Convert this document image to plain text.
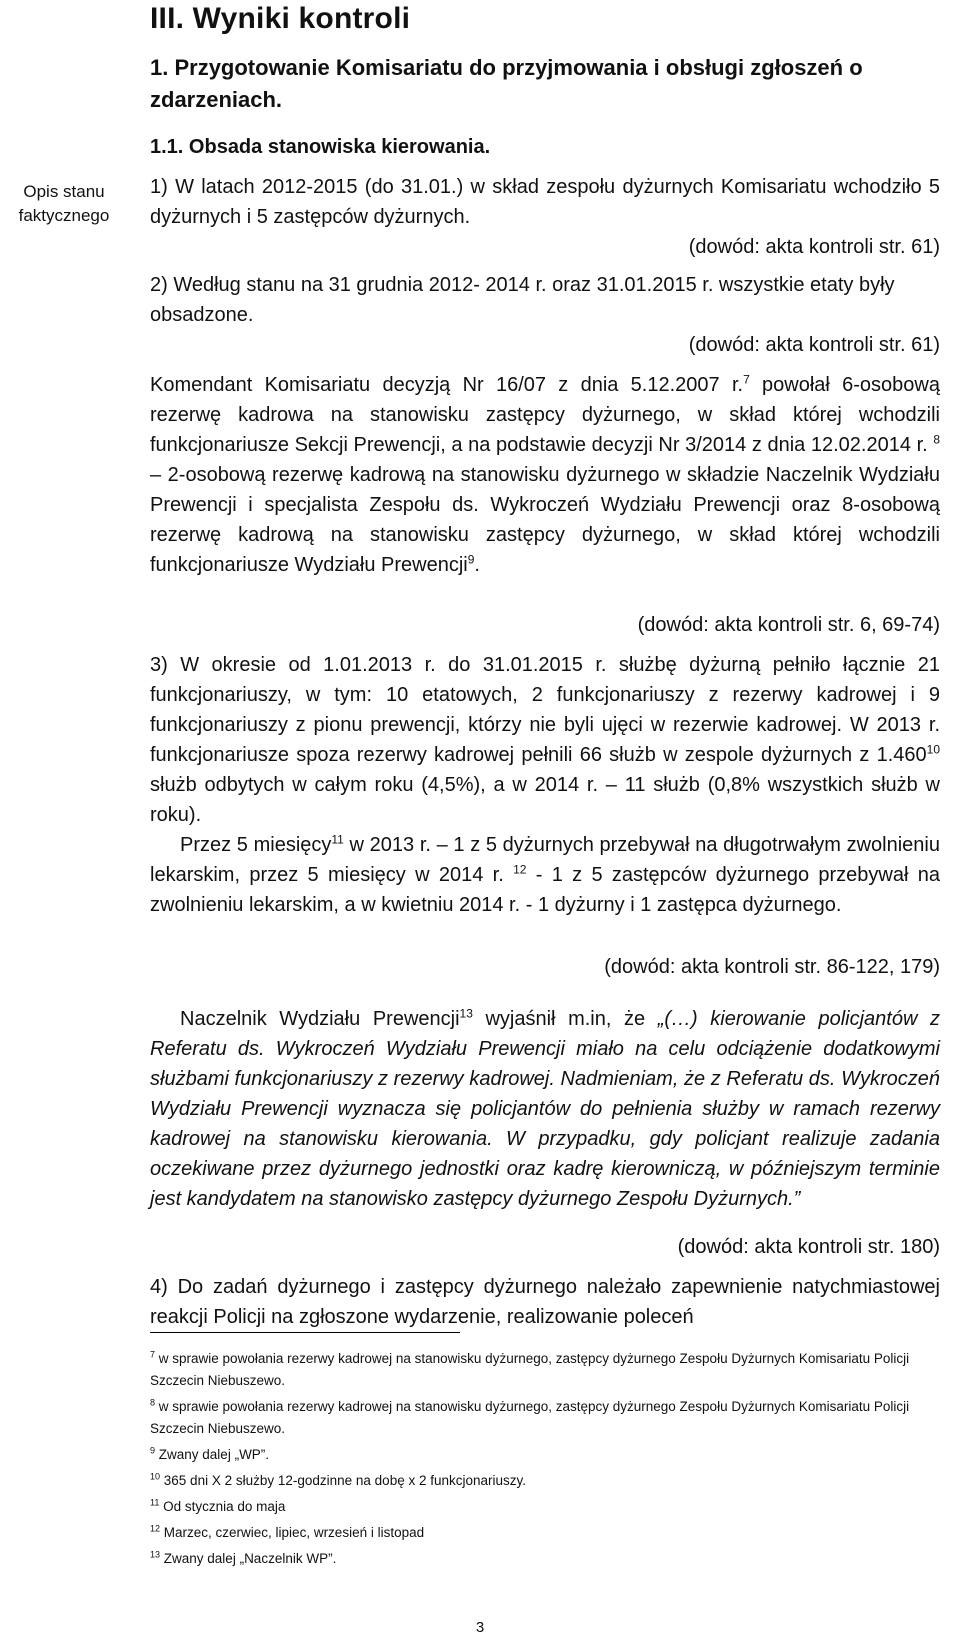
III. Wyniki kontroli
1. Przygotowanie Komisariatu do przyjmowania i obsługi zgłoszeń o zdarzeniach.
1.1. Obsada stanowiska kierowania.
Opis stanu faktycznego
1) W latach 2012-2015 (do 31.01.) w skład zespołu dyżurnych Komisariatu wchodziło 5 dyżurnych i 5 zastępców dyżurnych.
(dowód: akta kontroli str. 61)
2) Według stanu na 31 grudnia 2012- 2014 r. oraz 31.01.2015 r. wszystkie etaty były obsadzone.
(dowód: akta kontroli str. 61)
Komendant Komisariatu decyzją Nr 16/07 z dnia 5.12.2007 r.$^7$ powołał 6-osobową rezerwę kadrowa na stanowisku zastępcy dyżurnego, w skład której wchodzili funkcjonariusze Sekcji Prewencji, a na podstawie decyzji Nr 3/2014 z dnia 12.02.2014 r. $^8$ – 2-osobową rezerwę kadrową na stanowisku dyżurnego w składzie Naczelnik Wydziału Prewencji i specjalista Zespołu ds. Wykroczeń Wydziału Prewencji oraz 8-osobową rezerwę kadrową na stanowisku zastępcy dyżurnego, w skład której wchodzili funkcjonariusze Wydziału Prewencji$^9$.
(dowód: akta kontroli str. 6, 69-74)
3) W okresie od 1.01.2013 r. do 31.01.2015 r. służbę dyżurną pełniło łącznie 21 funkcjonariuszy, w tym: 10 etatowych, 2 funkcjonariuszy z rezerwy kadrowej i 9 funkcjonariuszy z pionu prewencji, którzy nie byli ujęci w rezerwie kadrowej. W 2013 r. funkcjonariusze spoza rezerwy kadrowej pełnili 66 służb w zespole dyżurnych z 1.460$^{10}$ służb odbytych w całym roku (4,5%), a w 2014 r. – 11 służb (0,8% wszystkich służb w roku).
Przez 5 miesięcy$^{11}$ w 2013 r. – 1 z 5 dyżurnych przebywał na długotrwałym zwolnieniu lekarskim, przez 5 miesięcy w 2014 r. $^{12}$ - 1 z 5 zastępców dyżurnego przebywał na zwolnieniu lekarskim, a w kwietniu 2014 r. - 1 dyżurny i 1 zastępca dyżurnego.
(dowód: akta kontroli str. 86-122, 179)
Naczelnik Wydziału Prewencji$^{13}$ wyjaśnił m.in, że „(…) kierowanie policjantów z Referatu ds. Wykroczeń Wydziału Prewencji miało na celu odciążenie dodatkowymi służbami funkcjonariuszy z rezerwy kadrowej. Nadmieniam, że z Referatu ds. Wykroczeń Wydziału Prewencji wyznacza się policjantów do pełnienia służby w ramach rezerwy kadrowej na stanowisku kierowania. W przypadku, gdy policjant realizuje zadania oczekiwane przez dyżurnego jednostki oraz kadrę kierowniczą, w późniejszym terminie jest kandydatem na stanowisko zastępcy dyżurnego Zespołu Dyżurnych.”
(dowód: akta kontroli str. 180)
4) Do zadań dyżurnego i zastępcy dyżurnego należało zapewnienie natychmiastowej reakcji Policji na zgłoszone wydarzenie, realizowanie poleceń
$^7$ w sprawie powołania rezerwy kadrowej na stanowisku dyżurnego, zastępcy dyżurnego Zespołu Dyżurnych Komisariatu Policji Szczecin Niebuszewo.
$^8$ w sprawie powołania rezerwy kadrowej na stanowisku dyżurnego, zastępcy dyżurnego Zespołu Dyżurnych Komisariatu Policji Szczecin Niebuszewo.
$^9$ Zwany dalej „WP”.
$^{10}$ 365 dni X 2 służby 12-godzinne na dobę x 2 funkcjonariuszy.
$^{11}$ Od stycznia do maja
$^{12}$ Marzec, czerwiec, lipiec, wrzesień i listopad
$^{13}$ Zwany dalej „Naczelnik WP”.
3
